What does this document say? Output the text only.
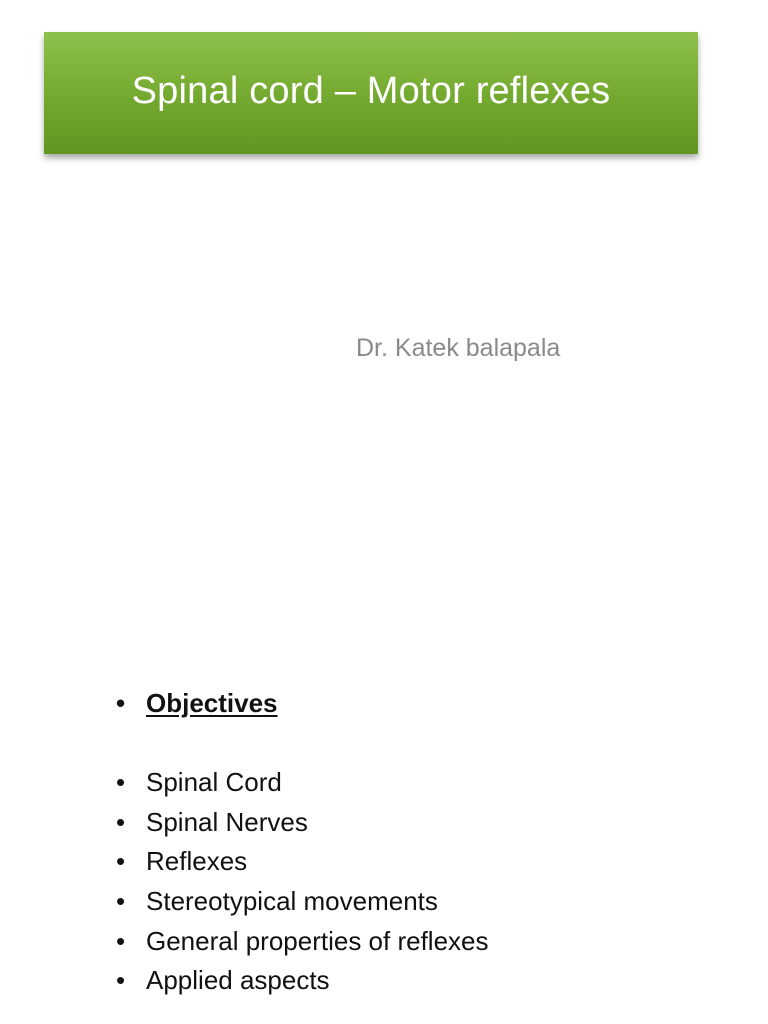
Spinal cord – Motor reflexes
Dr. Katek balapala
• Objectives
• Spinal Cord
• Spinal Nerves
• Reflexes
• Stereotypical movements
• General properties of reflexes
• Applied aspects
